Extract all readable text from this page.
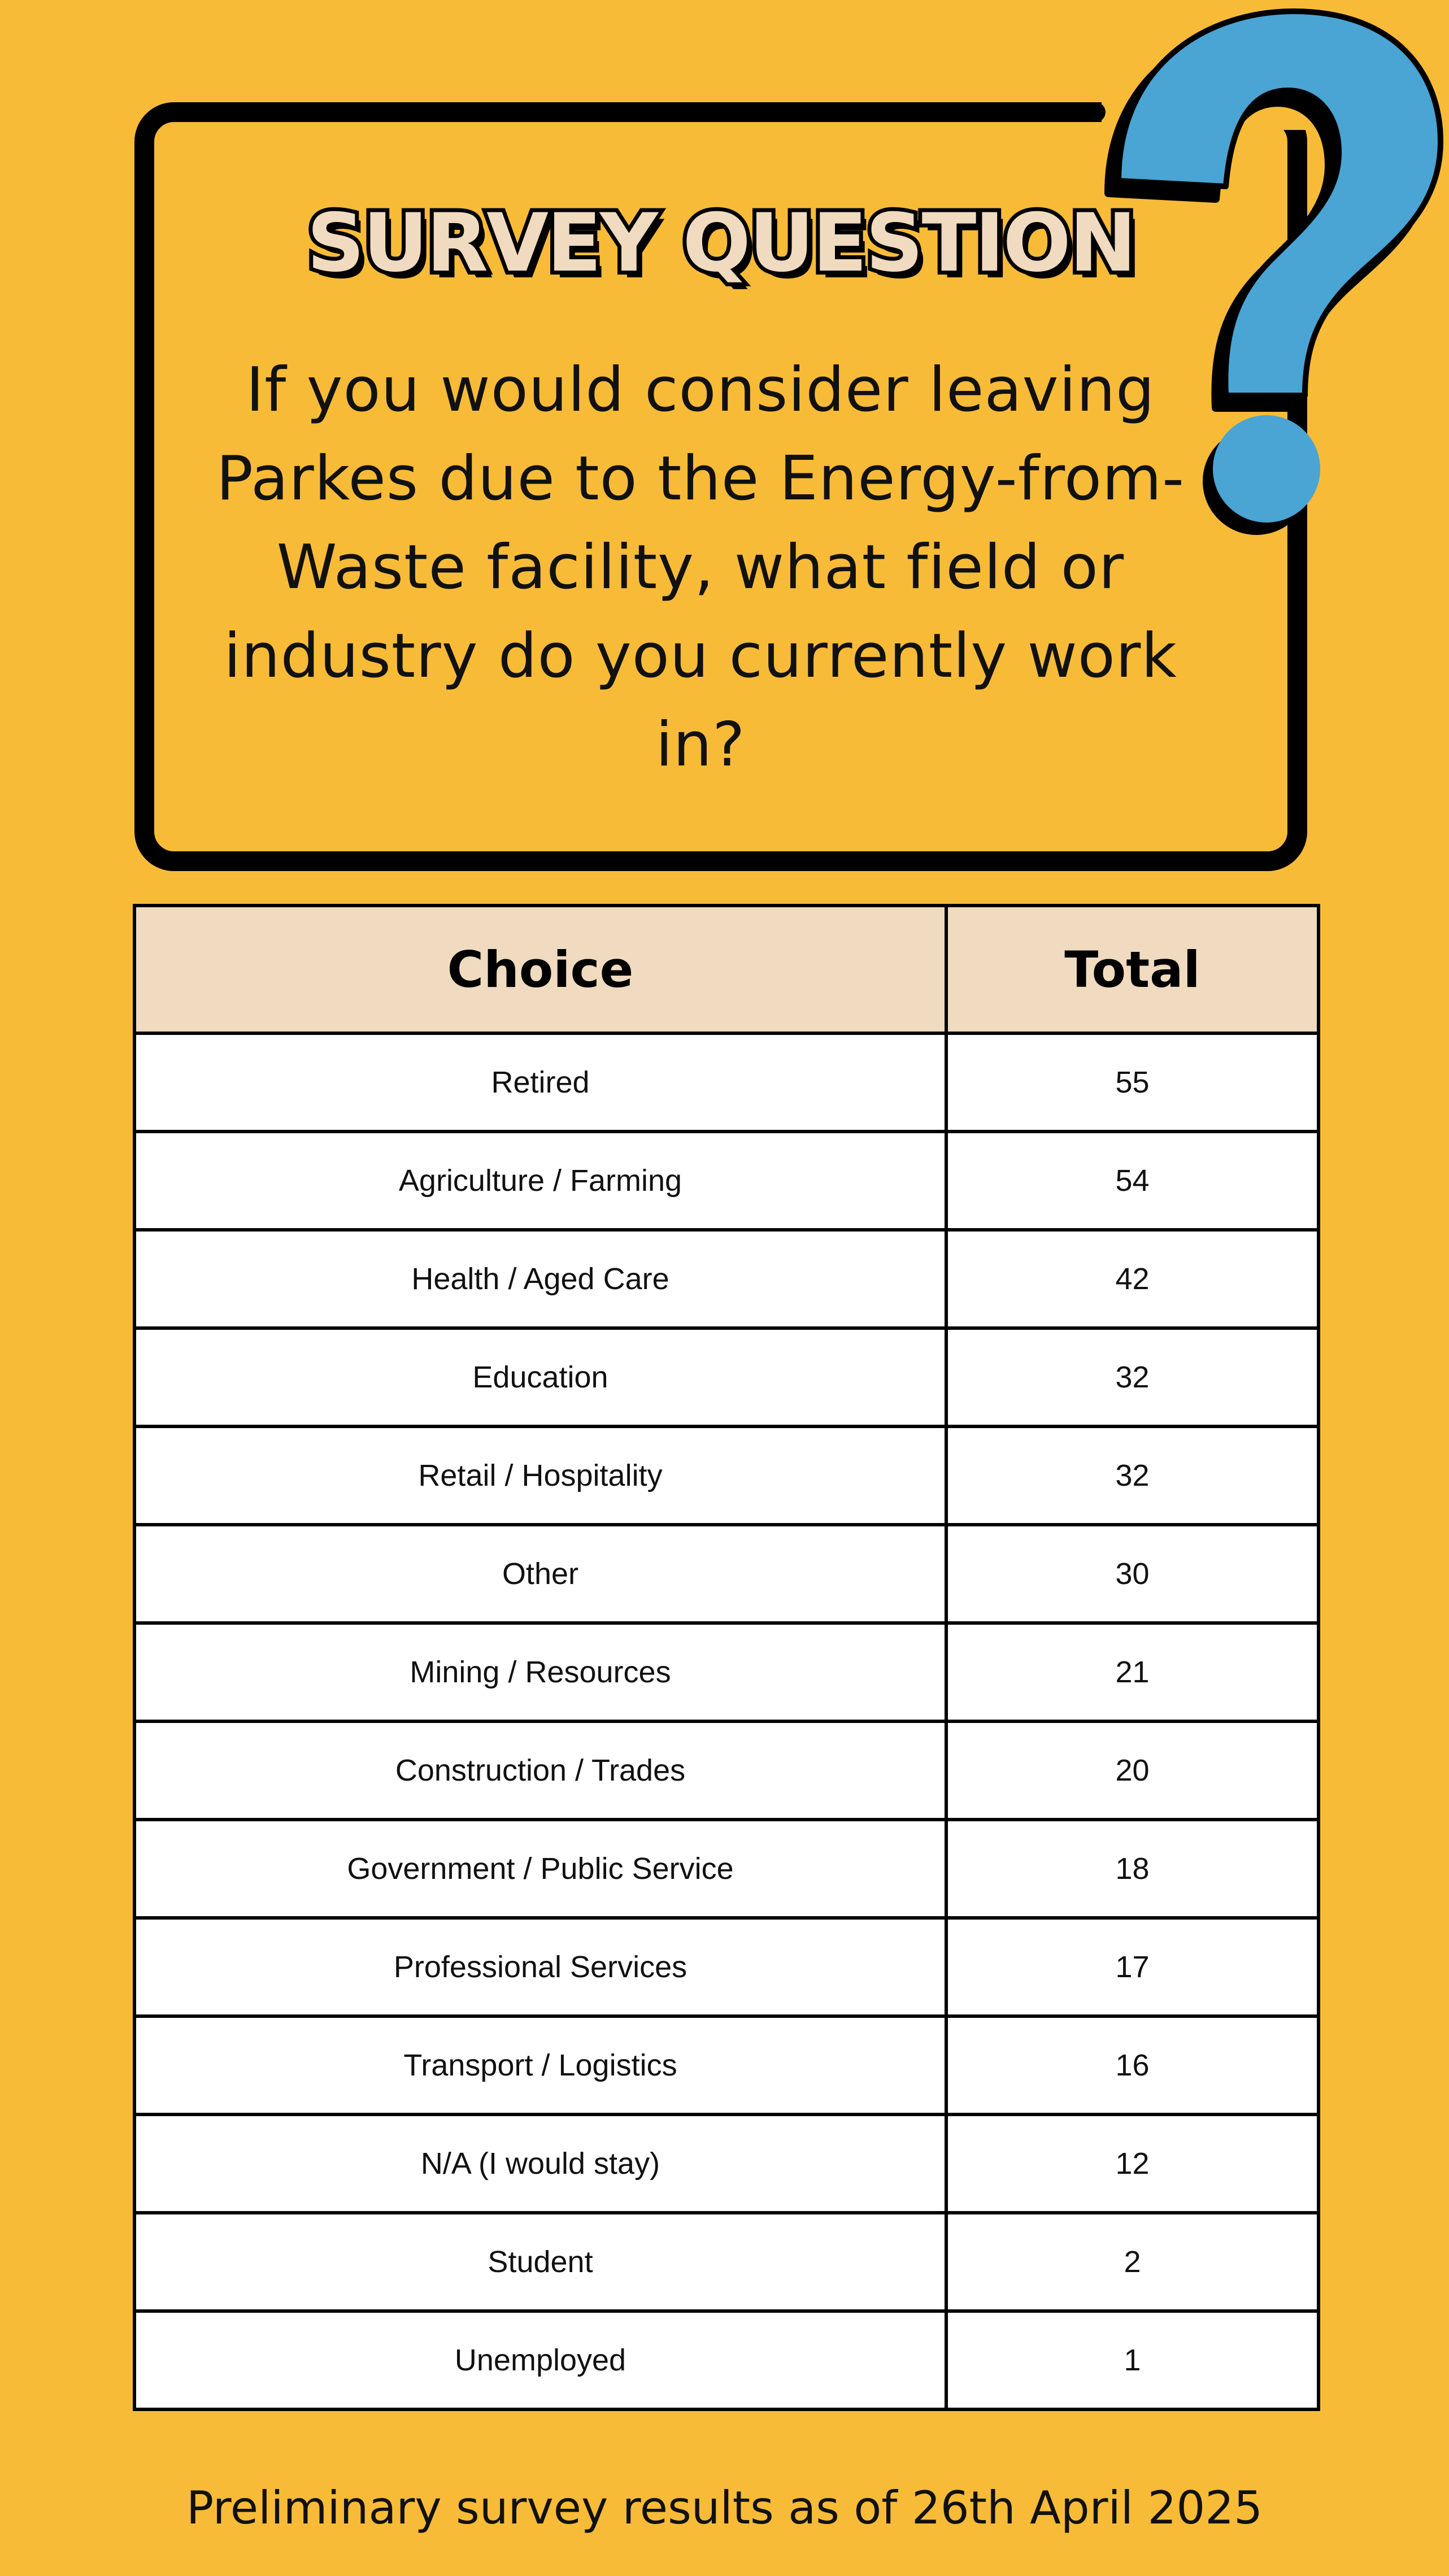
SURVEY QUESTION
If you would consider leaving Parkes due to the Energy-from-Waste facility, what field or industry do you currently work in?
Choice	Total
Retired	55
Agriculture / Farming	54
Health / Aged Care	42
Education	32
Retail / Hospitality	32
Other	30
Mining / Resources	21
Construction / Trades	20
Government / Public Service	18
Professional Services	17
Transport / Logistics	16
N/A (I would stay)	12
Student	2
Unemployed	1
Preliminary survey results as of 26th April 2025
